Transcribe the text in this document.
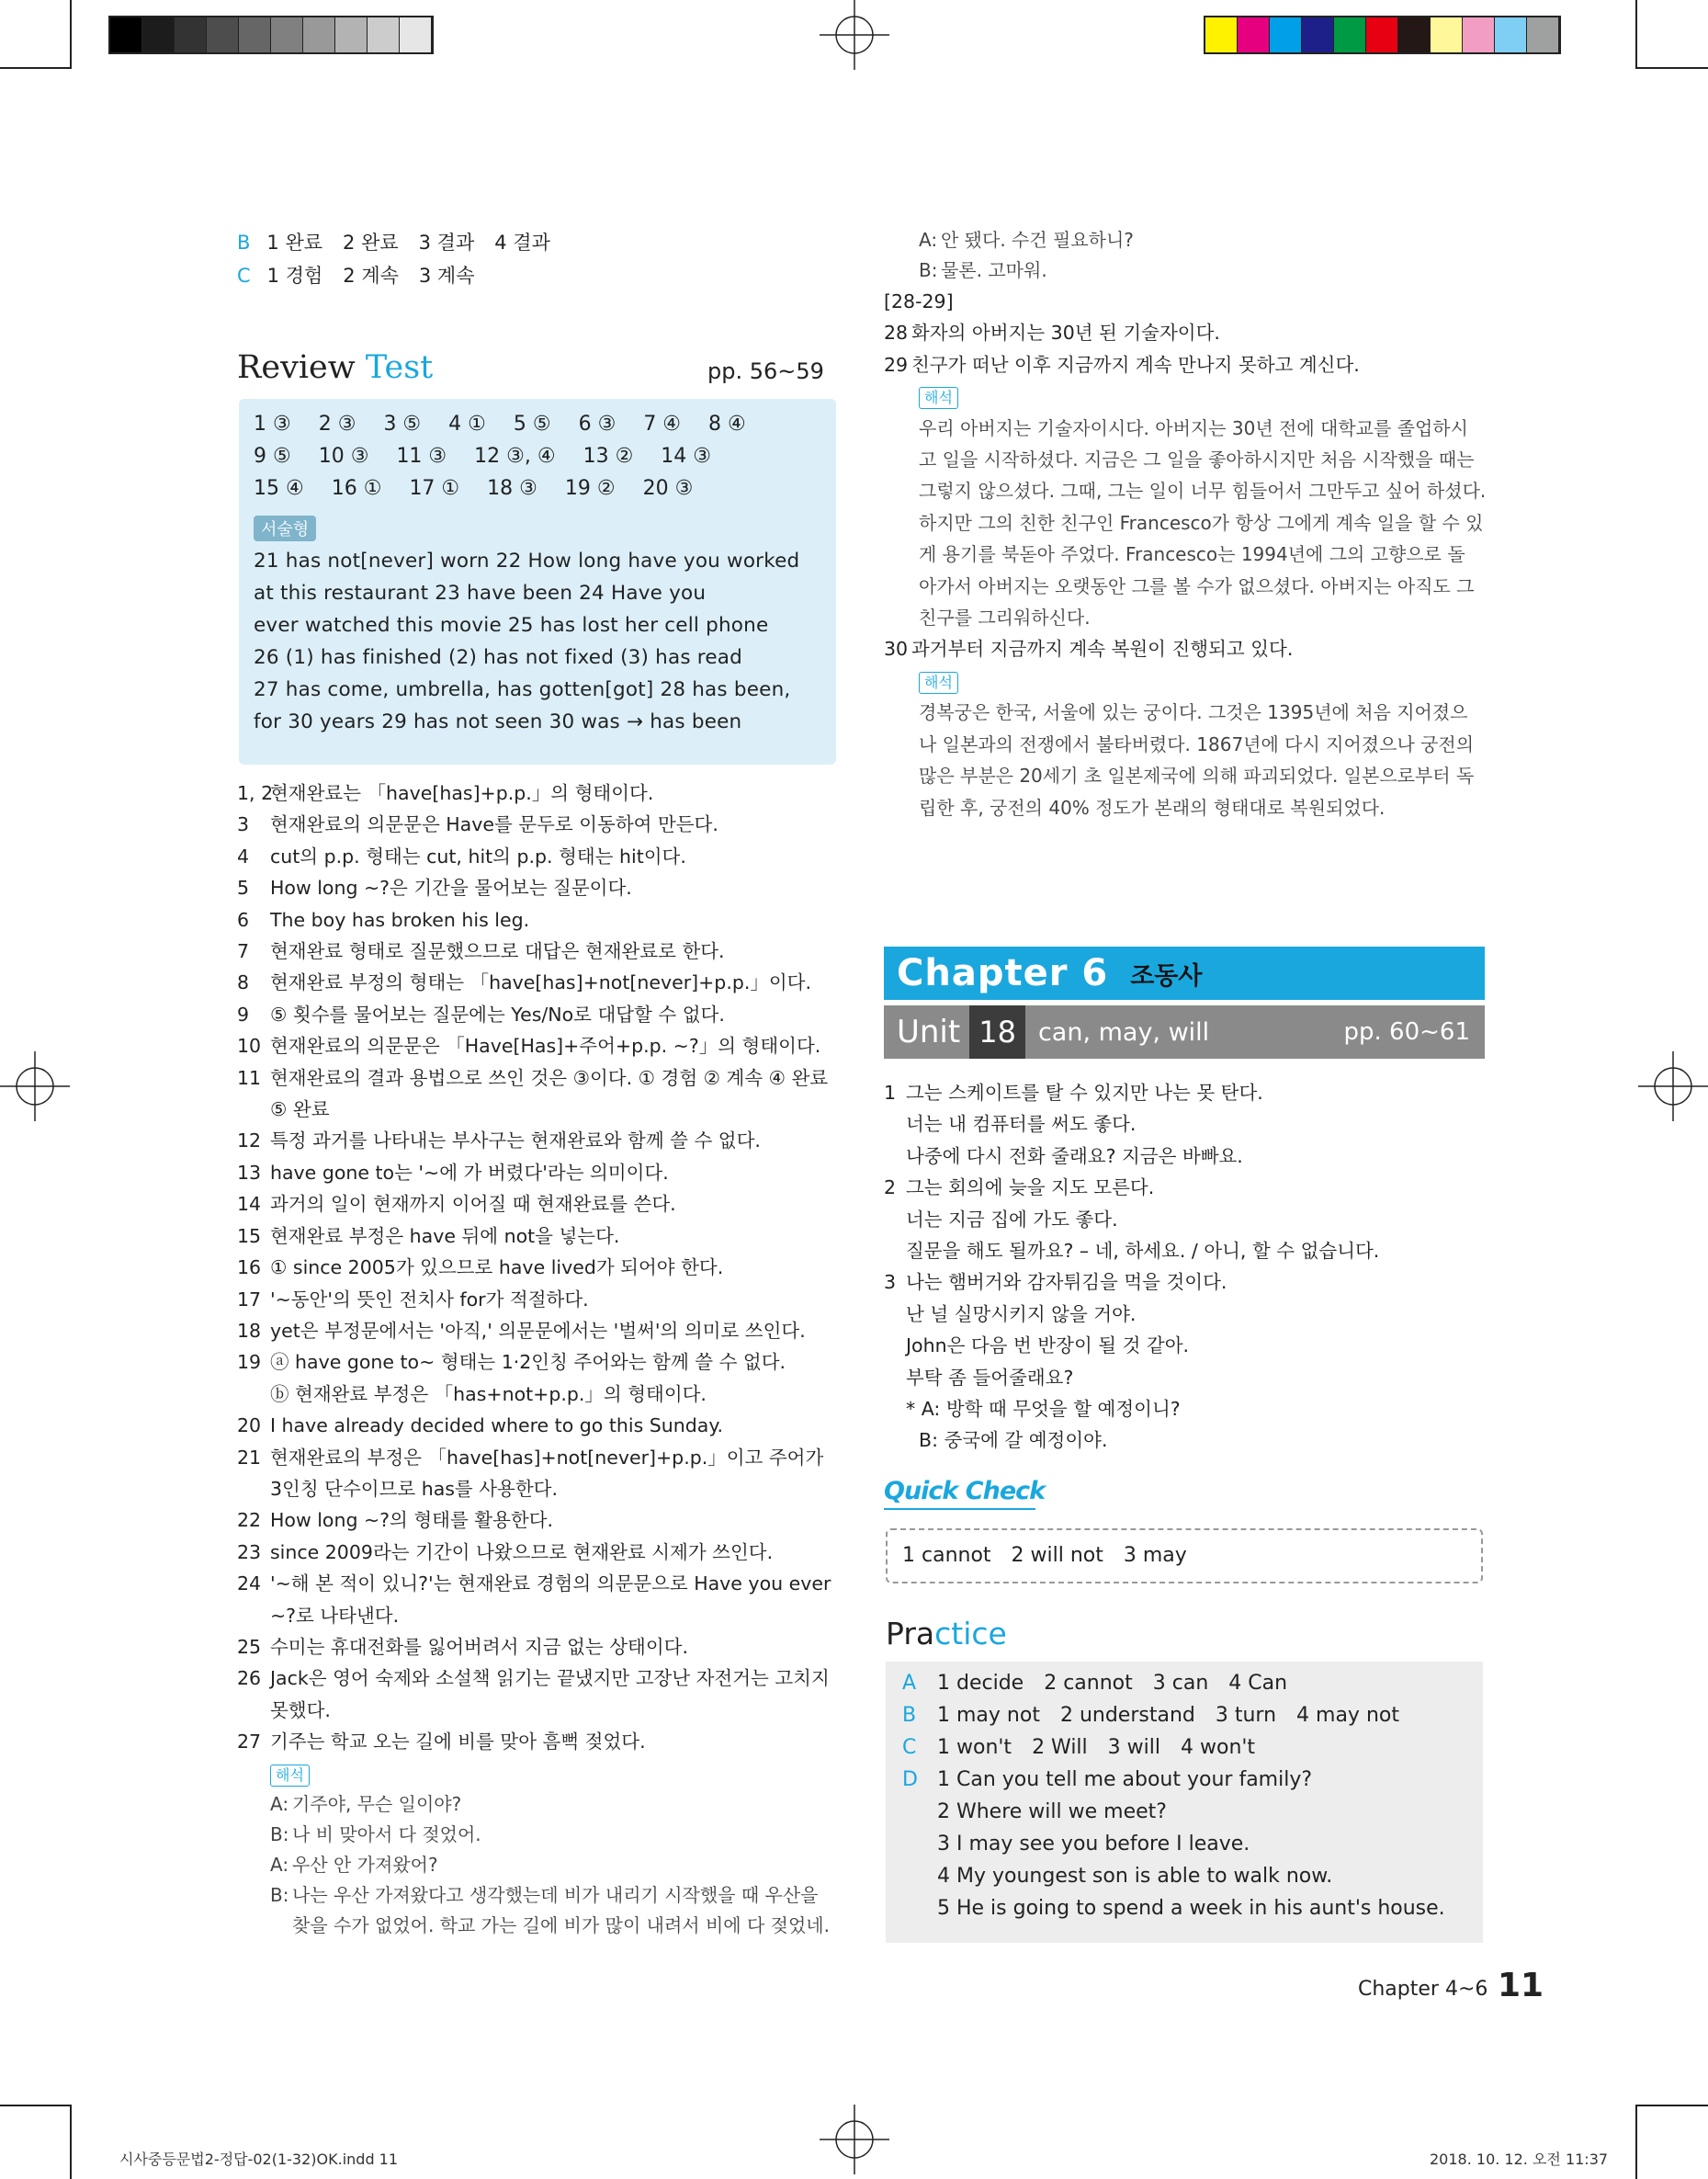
B 1 완료 2 완료 3 결과 4 결과
C 1 경험 2 계속 3 계속
Review Test	pp. 56~59
1 ③ 2 ③ 3 ⑤ 4 ① 5 ⑤ 6 ③ 7 ④ 8 ④
9 ⑤ 10 ③ 11 ③ 12 ③, ④ 13 ② 14 ③
15 ④ 16 ① 17 ① 18 ③ 19 ② 20 ③
서술형
21 has not[never] worn 22 How long have you worked
at this restaurant 23 have been 24 Have you
ever watched this movie 25 has lost her cell phone
26 (1) has finished (2) has not fixed (3) has read
27 has come, umbrella, has gotten[got] 28 has been,
for 30 years 29 has not seen 30 was → has been
1, 2
현재완료는 「have[has]+p.p.」의 형태이다.
3	현재완료의 의문문은 Have를 문두로 이동하여 만든다.
4	cut의 p.p. 형태는 cut, hit의 p.p. 형태는 hit이다.
5	How long ~?은 기간을 물어보는 질문이다.
6	The boy has broken his leg.
7	현재완료 형태로 질문했으므로 대답은 현재완료로 한다.
8	현재완료 부정의 형태는 「have[has]+not[never]+p.p.」이다.
9	⑤ 횟수를 물어보는 질문에는 Yes/No로 대답할 수 없다.
10 현재완료의 의문문은 「Have[Has]+주어+p.p. ~?」의 형태이다.
11 현재완료의 결과 용법으로 쓰인 것은 ③이다. ① 경험 ② 계속 ④ 완료 ⑤ 완료
12 특정 과거를 나타내는 부사구는 현재완료와 함께 쓸 수 없다.
13 have gone to는 '~에 가 버렸다'라는 의미이다.
14 과거의 일이 현재까지 이어질 때 현재완료를 쓴다.
15 현재완료 부정은 have 뒤에 not을 넣는다.
16 ① since 2005가 있으므로 have lived가 되어야 한다.
17 '~동안'의 뜻인 전치사 for가 적절하다.
18 yet은 부정문에서는 '아직,' 의문문에서는 '벌써'의 의미로 쓰인다.
19 ⓐ have gone to~ 형태는 1·2인칭 주어와는 함께 쓸 수 없다.
ⓑ 현재완료 부정은 「has+not+p.p.」의 형태이다.
20 I have already decided where to go this Sunday.
21 현재완료의 부정은 「have[has]+not[never]+p.p.」이고 주어가 3인칭 단수이므로 has를 사용한다.
22 How long ~?의 형태를 활용한다.
23 since 2009라는 기간이 나왔으므로 현재완료 시제가 쓰인다.
24 '~해 본 적이 있니?'는 현재완료 경험의 의문문으로 Have you ever ~?로 나타낸다.
25 수미는 휴대전화를 잃어버려서 지금 없는 상태이다.
26 Jack은 영어 숙제와 소설책 읽기는 끝냈지만 고장난 자전거는 고치지 못했다.
27 기주는 학교 오는 길에 비를 맞아 흠뻑 젖었다.
해석
A: 기주야, 무슨 일이야?
B: 나 비 맞아서 다 젖었어.
A: 우산 안 가져왔어?
B: 나는 우산 가져왔다고 생각했는데 비가 내리기 시작했을 때 우산을
찾을 수가 없었어. 학교 가는 길에 비가 많이 내려서 비에 다 젖었네.
A: 안 됐다. 수건 필요하니?
B: 물론. 고마워.
[28-29]
28 화자의 아버지는 30년 된 기술자이다.
29 친구가 떠난 이후 지금까지 계속 만나지 못하고 계신다.
해석
우리 아버지는 기술자이시다. 아버지는 30년 전에 대학교를 졸업하시
고 일을 시작하셨다. 지금은 그 일을 좋아하시지만 처음 시작했을 때는
그렇지 않으셨다. 그때, 그는 일이 너무 힘들어서 그만두고 싶어 하셨다.
하지만 그의 친한 친구인 Francesco가 항상 그에게 계속 일을 할 수 있
게 용기를 북돋아 주었다. Francesco는 1994년에 그의 고향으로 돌
아가서 아버지는 오랫동안 그를 볼 수가 없으셨다. 아버지는 아직도 그
친구를 그리워하신다.
30 과거부터 지금까지 계속 복원이 진행되고 있다.
해석
경복궁은 한국, 서울에 있는 궁이다. 그것은 1395년에 처음 지어졌으
나 일본과의 전쟁에서 불타버렸다. 1867년에 다시 지어졌으나 궁전의
많은 부분은 20세기 초 일본제국에 의해 파괴되었다. 일본으로부터 독
립한 후, 궁전의 40% 정도가 본래의 형태대로 복원되었다.
Chapter 6 조동사
Unit 18 can, may, will	pp. 60~61
1 그는 스케이트를 탈 수 있지만 나는 못 탄다.
너는 내 컴퓨터를 써도 좋다.
나중에 다시 전화 줄래요? 지금은 바빠요.
2 그는 회의에 늦을 지도 모른다.
너는 지금 집에 가도 좋다.
질문을 해도 될까요? – 네, 하세요. / 아니, 할 수 없습니다.
3 나는 햄버거와 감자튀김을 먹을 것이다.
난 널 실망시키지 않을 거야.
John은 다음 번 반장이 될 것 같아.
부탁 좀 들어줄래요?
* A: 방학 때 무엇을 할 예정이니?
B: 중국에 갈 예정이야.
Quick Check
1 cannot 2 will not 3 may
Practice
A	1 decide 2 cannot 3 can 4 Can
B	1 may not 2 understand 3 turn 4 may not
C	1 won't 2 Will 3 will 4 won't
D 1 Can you tell me about your family?
2 Where will we meet?
3 I may see you before I leave.
4 My youngest son is able to walk now.
5 He is going to spend a week in his aunt's house.
Chapter 4~6 11
시사중등문법2-정답-02(1-32)OK.indd 11	2018. 10. 12. 오전 11:37
